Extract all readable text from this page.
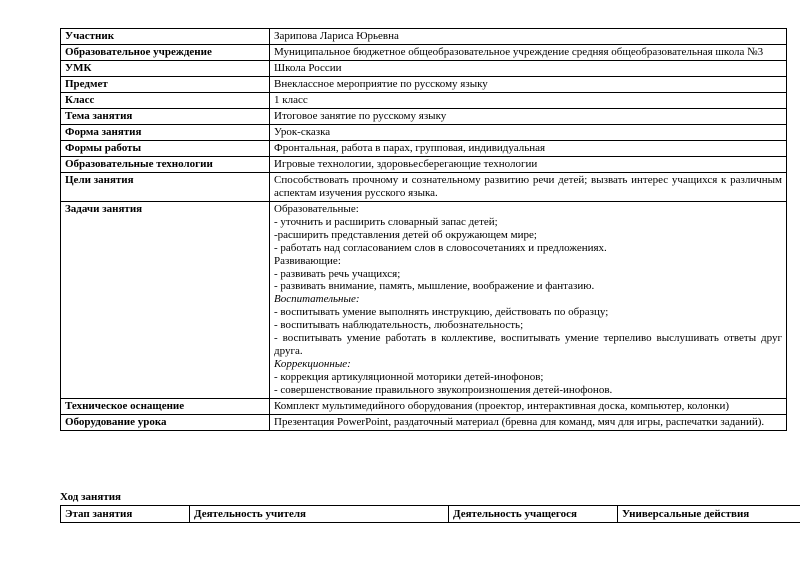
Участник	Зарипова Лариса Юрьевна
Образовательное учреждение	Муниципальное бюджетное общеобразовательное учреждение средняя общеобразовательная школа №3
УМК	Школа России
Предмет	Внеклассное мероприятие по русскому языку
Класс	1 класс
Тема занятия	Итоговое занятие по русскому языку
Форма занятия	Урок-сказка
Формы работы	Фронтальная, работа в парах, групповая, индивидуальная
Образовательные технологии	Игровые технологии, здоровьесберегающие технологии
Цели занятия	Способствовать прочному и сознательному развитию речи детей; вызвать интерес учащихся к различным аспектам изучения русского языка.
Задачи занятия	Образовательные:
- уточнить и расширить словарный запас детей;
-расширить представления детей об окружающем мире;
- работать над согласованием слов в словосочетаниях и предложениях.
Развивающие:
- развивать речь учащихся;
- развивать внимание, память, мышление, воображение и фантазию.
Воспитательные:
- воспитывать умение выполнять инструкцию, действовать по образцу;
- воспитывать наблюдательность, любознательность;
- воспитывать умение работать в коллективе, воспитывать умение терпеливо выслушивать ответы друг друга.
Коррекционные:
- коррекция артикуляционной моторики детей-инофонов;
- совершенствование правильного звукопроизношения детей-инофонов.

Техническое оснащение	Комплект мультимедийного оборудования (проектор, интерактивная доска, компьютер, колонки)
Оборудование урока	Презентация PowerPoint, раздаточный материал (бревна для команд, мяч для игры, распечатки заданий).

Ход занятия

Этап занятия	Деятельность учителя	Деятельность учащегося	Универсальные действия
